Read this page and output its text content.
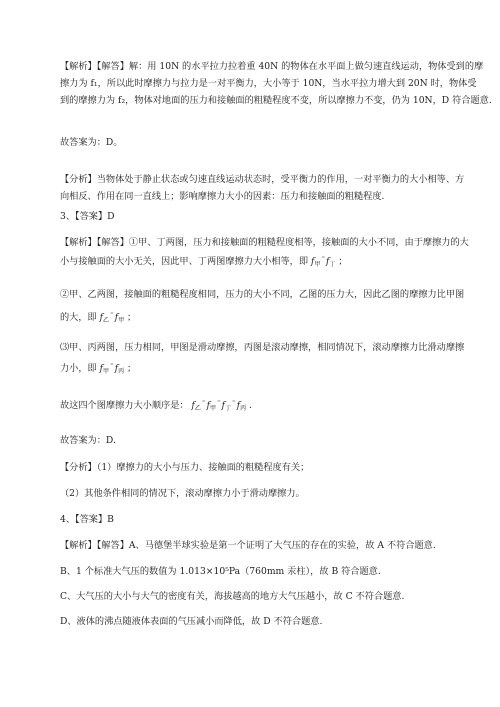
【解析】【解答】解：用 10N 的水平拉力拉着重 40N 的物体在水平面上做匀速直线运动，物体受到的摩
擦力为 f₁，所以此时摩擦力与拉力是一对平衡力，大小等于 10N，当水平拉力增大到 20N 时，物体受
到的摩擦力为 f₂，物体对地面的压力和接触面的粗糙程度不变，所以摩擦力不变，仍为 10N，D 符合题意.
故答案为：D。
【分析】当物体处于静止状态或匀速直线运动状态时，受平衡力的作用，一对平衡力的大小相等、方
向相反、作用在同一直线上；影响摩擦力大小的因素：压力和接触面的粗糙程度.
3、【答案】D
【解析】【解答】①甲、丁两图，压力和接触面的粗糙程度相等，接触面的大小不同，由于摩擦力的大
小与接触面的大小无关，因此甲、丁两图摩擦力大小相等，即 $f_甲^{^=}f_丁$ ；
②甲、乙两图，接触面的粗糙程度相同，压力的大小不同，乙图的压力大，因此乙图的摩擦力比甲图
的大，即 $f_乙^{^=}f_甲$ ；
⑶甲、丙两图，压力相同，甲图是滑动摩擦，丙图是滚动摩擦，相同情况下，滚动摩擦力比滑动摩擦
力小，即 $f_甲^{^=}f_丙$ ；
故这四个图摩擦力大小顺序是： $f_乙^{^=}f_甲^{^=}f_丁^{^=}f_丙$ .
故答案为：D.
【分析】（1）摩擦力的大小与压力、接触面的粗糙程度有关；
（2）其他条件相同的情况下，滚动摩擦力小于滑动摩擦力。
4、【答案】B
【解析】【解答】A、马德堡半球实验是第一个证明了大气压的存在的实验，故 A 不符合题意.
B、1 个标准大气压的数值为 1.013×10⁵Pa（760mm 汞柱），故 B 符合题意.
C、大气压的大小与大气的密度有关，海拔越高的地方大气压越小，故 C 不符合题意.
D、液体的沸点随液体表面的气压减小而降低，故 D 不符合题意.
